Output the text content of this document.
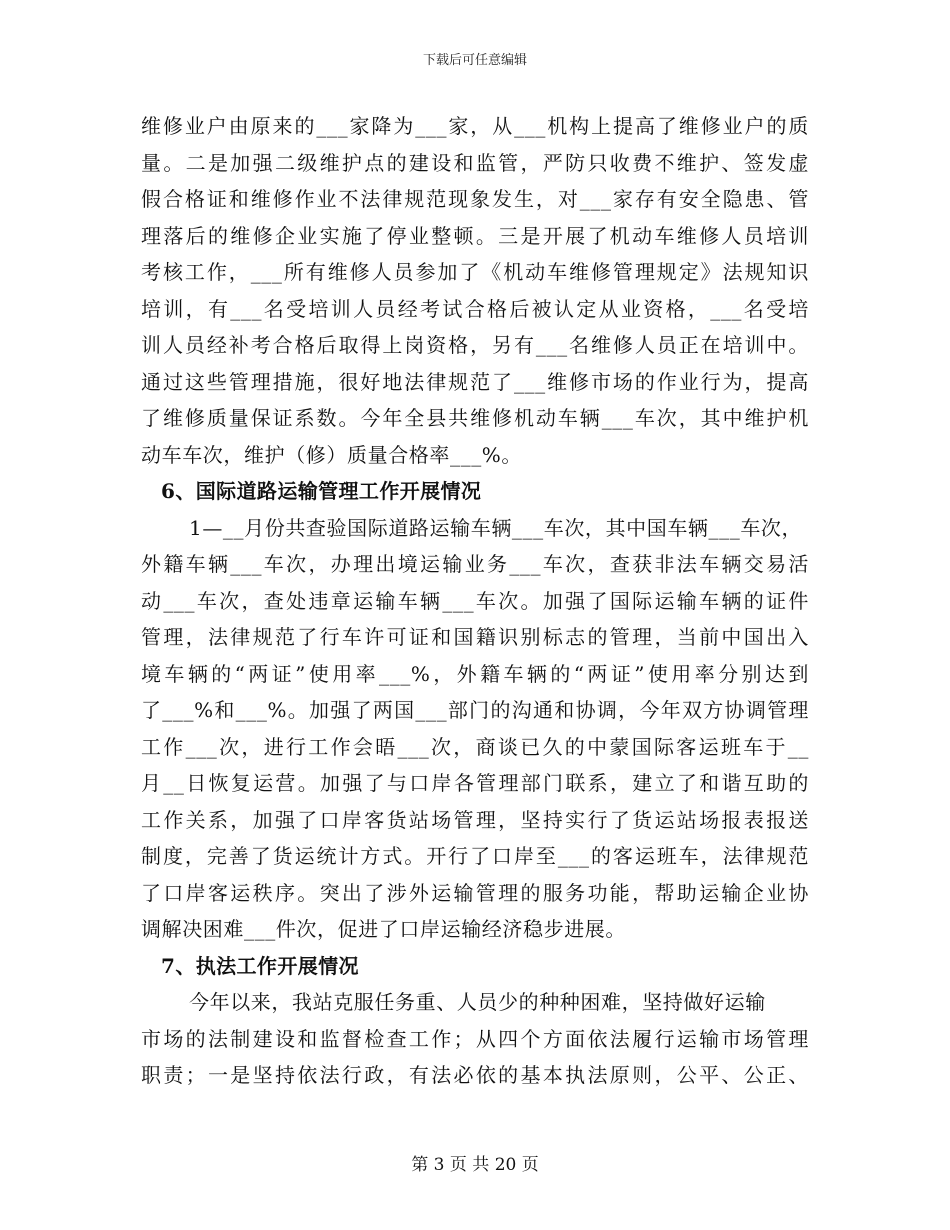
下载后可任意编辑
维修业户由原来的___家降为___家，从___机构上提高了维修业户的质
量。二是加强二级维护点的建设和监管，严防只收费不维护、签发虚
假合格证和维修作业不法律规范现象发生，对___家存有安全隐患、管
理落后的维修企业实施了停业整顿。三是开展了机动车维修人员培训
考核工作，___所有维修人员参加了《机动车维修管理规定》法规知识
培训，有___名受培训人员经考试合格后被认定从业资格，___名受培
训人员经补考合格后取得上岗资格，另有___名维修人员正在培训中。
通过这些管理措施，很好地法律规范了___维修市场的作业行为，提高
了维修质量保证系数。今年全县共维修机动车辆___车次，其中维护机
动车车次，维护（修）质量合格率___%。
6、国际道路运输管理工作开展情况
1—__月份共查验国际道路运输车辆___车次，其中国车辆___车次，
外籍车辆___车次，办理出境运输业务___车次，查获非法车辆交易活
动___车次，查处违章运输车辆___车次。加强了国际运输车辆的证件
管理，法律规范了行车许可证和国籍识别标志的管理，当前中国出入
境车辆的“两证”使用率___%，外籍车辆的“两证”使用率分别达到
了___%和___%。加强了两国___部门的沟通和协调，今年双方协调管理
工作___次，进行工作会晤___次，商谈已久的中蒙国际客运班车于__
月__日恢复运营。加强了与口岸各管理部门联系，建立了和谐互助的
工作关系，加强了口岸客货站场管理，坚持实行了货运站场报表报送
制度，完善了货运统计方式。开行了口岸至___的客运班车，法律规范
了口岸客运秩序。突出了涉外运输管理的服务功能，帮助运输企业协
调解决困难___件次，促进了口岸运输经济稳步进展。
7、执法工作开展情况
今年以来，我站克服任务重、人员少的种种困难，坚持做好运输
市场的法制建设和监督检查工作；从四个方面依法履行运输市场管理
职责；一是坚持依法行政，有法必依的基本执法原则，公平、公正、
第 3 页 共 20 页
